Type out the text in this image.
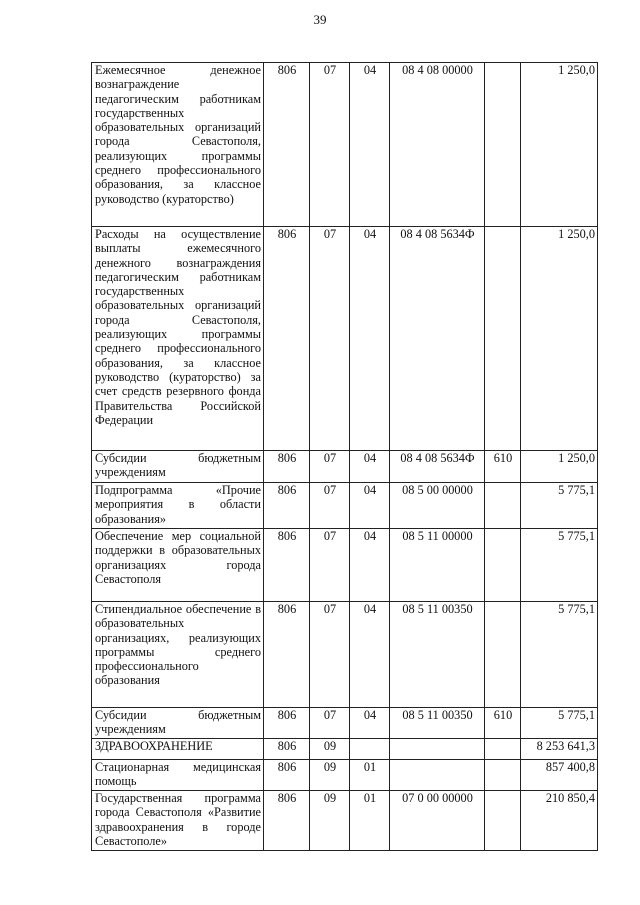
39
Ежемесячное денежное вознаграждение педагогическим работникам государственных образовательных организаций города Севастополя, реализующих программы среднего профессионального образования, за классное руководство (кураторство)	806	07	04	08 4 08 00000		1 250,0
Расходы на осуществление выплаты ежемесячного денежного вознаграждения педагогическим работникам государственных образовательных организаций города Севастополя, реализующих программы среднего профессионального образования, за классное руководство (кураторство) за счет средств резервного фонда Правительства Российской Федерации	806	07	04	08 4 08 5634Ф		1 250,0
Субсидии бюджетным учреждениям	806	07	04	08 4 08 5634Ф	610	1 250,0
Подпрограмма «Прочие мероприятия в области образования»	806	07	04	08 5 00 00000		5 775,1
Обеспечение мер социальной поддержки в образовательных организациях города Севастополя	806	07	04	08 5 11 00000		5 775,1
Стипендиальное обеспечение в образовательных организациях, реализующих программы среднего профессионального образования	806	07	04	08 5 11 00350		5 775,1
Субсидии бюджетным учреждениям	806	07	04	08 5 11 00350	610	5 775,1
ЗДРАВООХРАНЕНИЕ	806	09				8 253 641,3
Стационарная медицинская помощь	806	09	01			857 400,8
Государственная программа города Севастополя «Развитие здравоохранения в городе Севастополе»	806	09	01	07 0 00 00000		210 850,4
